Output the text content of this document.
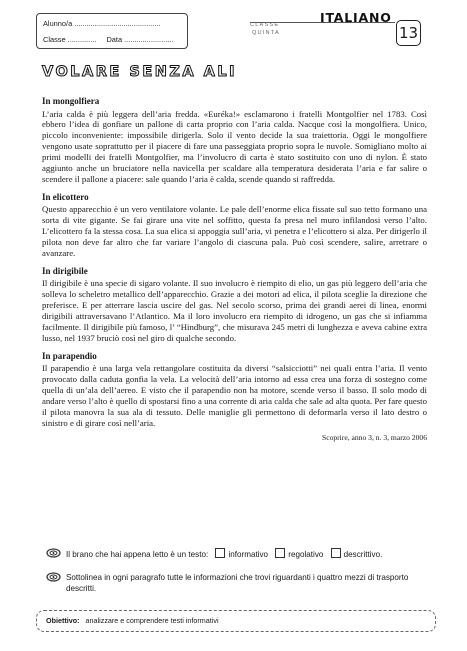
Alunno/a ..........................................
Classe .............. Data ........................
CLASSE
QUINTA
ITALIANO
13
VOLARE SENZA ALI
In mongolfiera

L’aria calda è più leggera dell’aria fredda. «Euréka!» esclamarono i fratelli Montgolfier nel 1783. Così ebbero l’idea di gonfiare un pallone di carta proprio con l’aria calda. Nacque così la mongolfiera. Unico, piccolo inconveniente: impossibile dirigerla. Solo il vento decide la sua traiettoria. Oggi le mongolfiere vengono usate soprattutto per il piacere di fare una passeggiata proprio sopra le nuvole. Somigliano molto ai primi modelli dei fratelli Montgolfier, ma l’involucro di carta è stato sostituito con uno di nylon. È stato aggiunto anche un bruciatore nella navicella per scaldare alla temperatura desiderata l’aria e far salire o scendere il pallone a piacere: sale quando l’aria è calda, scende quando si raffredda.

In elicottero

Questo apparecchio è un vero ventilatore volante. Le pale dell’enorme elica fissate sul suo tetto formano una sorta di vite gigante. Se fai girare una vite nel soffitto, questa fa presa nel muro infilandosi verso l’alto. L’elicottero fa la stessa cosa. La sua elica si appoggia sull’aria, vi penetra e l’elicottero si alza. Per dirigerlo il pilota non deve far altro che far variare l’angolo di ciascuna pala. Può così scendere, salire, arretrare o avanzare.

In dirigibile

Il dirigibile è una specie di sigaro volante. Il suo involucro è riempito di elio, un gas più leggero dell’aria che solleva lo scheletro metallico dell’apparecchio. Grazie a dei motori ad elica, il pilota sceglie la direzione che preferisce. E per atterrare lascia uscire del gas. Nel secolo scorso, prima dei grandi aerei di linea, enormi dirigibili attraversavano l’Atlantico. Ma il loro involucro era riempito di idrogeno, un gas che si infiamma facilmente. Il dirigibile più famoso, l’ “Hindburg”, che misurava 245 metri di lunghezza e aveva cabine extra lusso, nel 1937 bruciò così nel giro di qualche secondo.

In parapendio

Il parapendio è una larga vela rettangolare costituita da diversi “salsicciotti” nei quali entra l’aria. Il vento provocato dalla caduta gonfia la vela. La velocità dell’aria intorno ad essa crea una forza di sostegno come quella di un’ala dell’aereo. E visto che il parapendio non ha motore, scende verso il basso. Il solo modo di andare verso l’alto è quello di spostarsi fino a una corrente di aria calda che sale ad alta quota. Per fare questo il pilota manovra la sua ala di tessuto. Delle maniglie gli permettono di deformarla verso il lato destro o sinistro e di girare così nell’aria.

Scoprire, anno 3, n. 3, marzo 2006
Il brano che hai appena letto è un testo:	informativo	regolativo	descrittivo.
Sottolinea in ogni paragrafo tutte le informazioni che trovi riguardanti i quattro mezzi di trasporto descritti.
Obiettivo: analizzare e comprendere testi informativi
